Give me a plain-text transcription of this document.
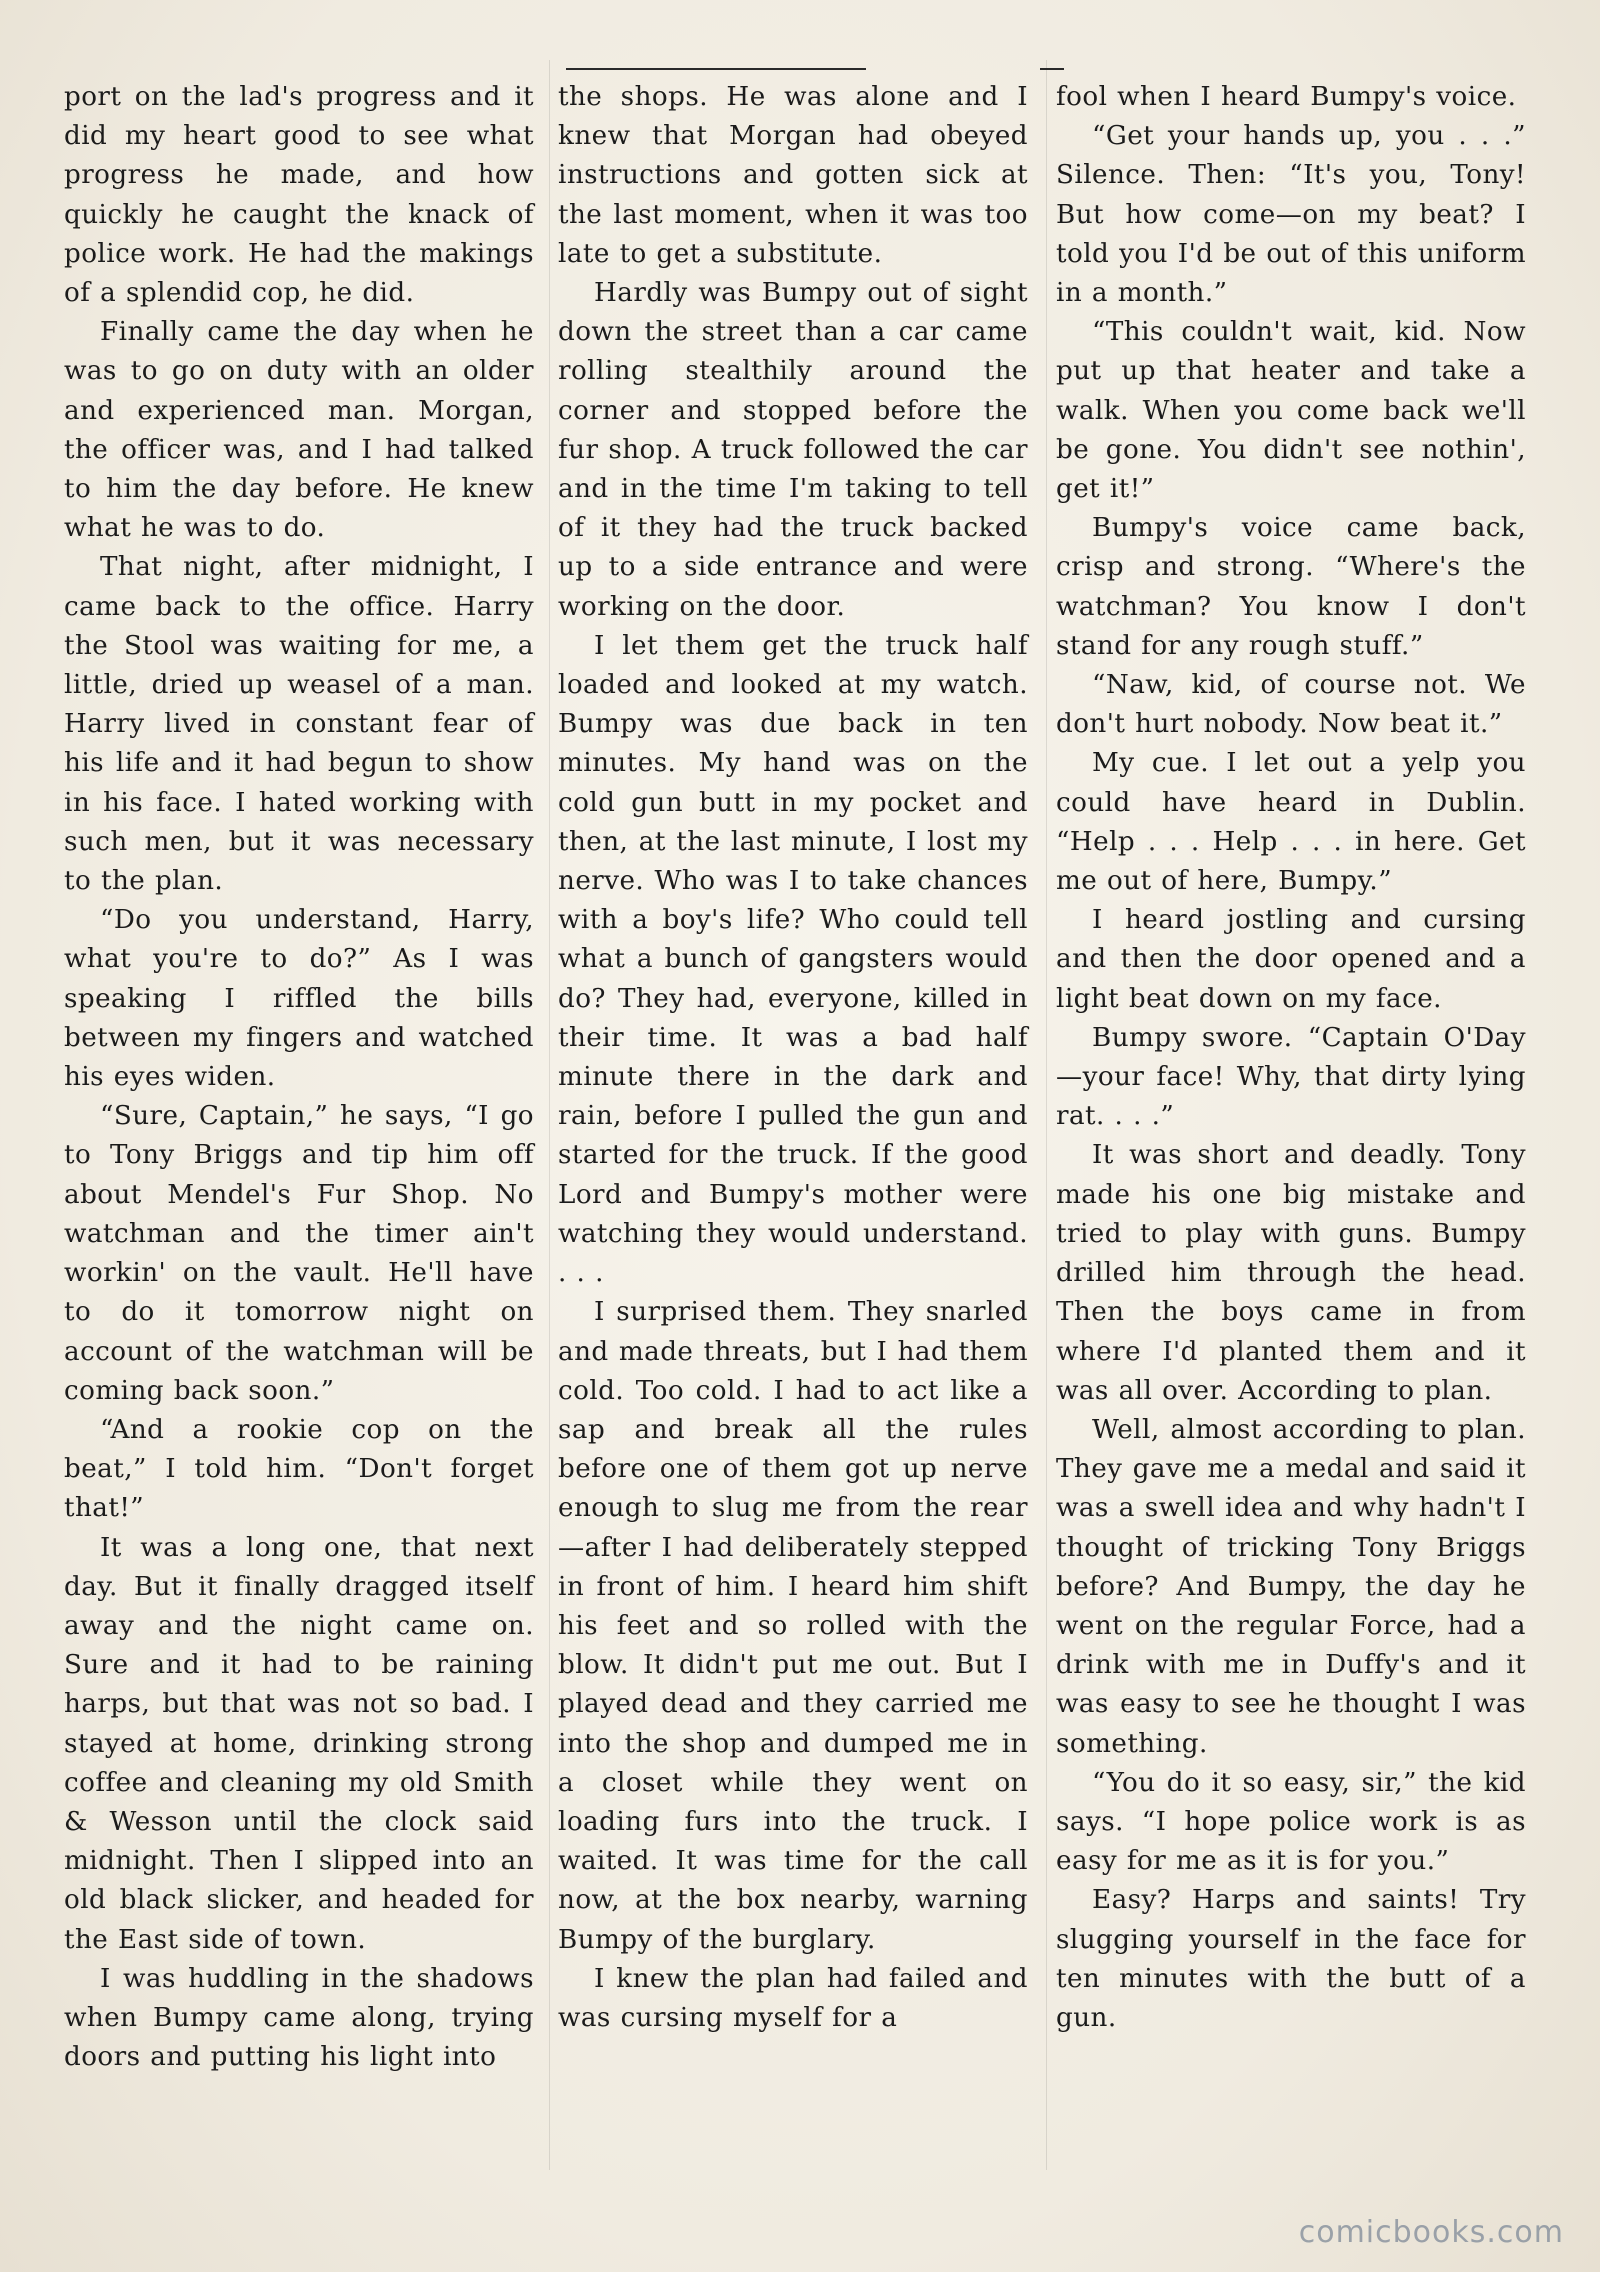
port on the lad's progress and it did my heart good to see what progress he made, and how quickly he caught the knack of police work. He had the makings of a splendid cop, he did.

Finally came the day when he was to go on duty with an older and experienced man. Morgan, the officer was, and I had talked to him the day before. He knew what he was to do.

That night, after midnight, I came back to the office. Harry the Stool was waiting for me, a little, dried up weasel of a man. Harry lived in constant fear of his life and it had begun to show in his face. I hated working with such men, but it was necessary to the plan.

“Do you understand, Harry, what you're to do?” As I was speaking I riffled the bills between my fingers and watched his eyes widen.

“Sure, Captain,” he says, “I go to Tony Briggs and tip him off about Mendel's Fur Shop. No watchman and the timer ain't workin' on the vault. He'll have to do it tomorrow night on account of the watchman will be coming back soon.”

“And a rookie cop on the beat,” I told him. “Don't forget that!”

It was a long one, that next day. But it finally dragged itself away and the night came on. Sure and it had to be raining harps, but that was not so bad. I stayed at home, drinking strong coffee and cleaning my old Smith & Wesson until the clock said midnight. Then I slipped into an old black slicker, and headed for the East side of town.

I was huddling in the shadows when Bumpy came along, trying doors and putting his light into

the shops. He was alone and I knew that Morgan had obeyed instructions and gotten sick at the last moment, when it was too late to get a substitute.

Hardly was Bumpy out of sight down the street than a car came rolling stealthily around the corner and stopped before the fur shop. A truck followed the car and in the time I'm taking to tell of it they had the truck backed up to a side entrance and were working on the door.

I let them get the truck half loaded and looked at my watch. Bumpy was due back in ten minutes. My hand was on the cold gun butt in my pocket and then, at the last minute, I lost my nerve. Who was I to take chances with a boy's life? Who could tell what a bunch of gangsters would do? They had, everyone, killed in their time. It was a bad half minute there in the dark and rain, before I pulled the gun and started for the truck. If the good Lord and Bumpy's mother were watching they would understand. . . .

I surprised them. They snarled and made threats, but I had them cold. Too cold. I had to act like a sap and break all the rules before one of them got up nerve enough to slug me from the rear—after I had deliberately stepped in front of him. I heard him shift his feet and so rolled with the blow. It didn't put me out. But I played dead and they carried me into the shop and dumped me in a closet while they went on loading furs into the truck. I waited. It was time for the call now, at the box nearby, warning Bumpy of the burglary.

I knew the plan had failed and was cursing myself for a

fool when I heard Bumpy's voice.

“Get your hands up, you . . .” Silence. Then: “It's you, Tony! But how come—on my beat? I told you I'd be out of this uniform in a month.”

“This couldn't wait, kid. Now put up that heater and take a walk. When you come back we'll be gone. You didn't see nothin', get it!”

Bumpy's voice came back, crisp and strong. “Where's the watchman? You know I don't stand for any rough stuff.”

“Naw, kid, of course not. We don't hurt nobody. Now beat it.”

My cue. I let out a yelp you could have heard in Dublin. “Help . . . Help . . . in here. Get me out of here, Bumpy.”

I heard jostling and cursing and then the door opened and a light beat down on my face.

Bumpy swore. “Captain O'Day—your face! Why, that dirty lying rat. . . .”

It was short and deadly. Tony made his one big mistake and tried to play with guns. Bumpy drilled him through the head. Then the boys came in from where I'd planted them and it was all over. According to plan.

Well, almost according to plan. They gave me a medal and said it was a swell idea and why hadn't I thought of tricking Tony Briggs before? And Bumpy, the day he went on the regular Force, had a drink with me in Duffy's and it was easy to see he thought I was something.

“You do it so easy, sir,” the kid says. “I hope police work is as easy for me as it is for you.”

Easy? Harps and saints! Try slugging yourself in the face for ten minutes with the butt of a gun.

comicbooks.com
